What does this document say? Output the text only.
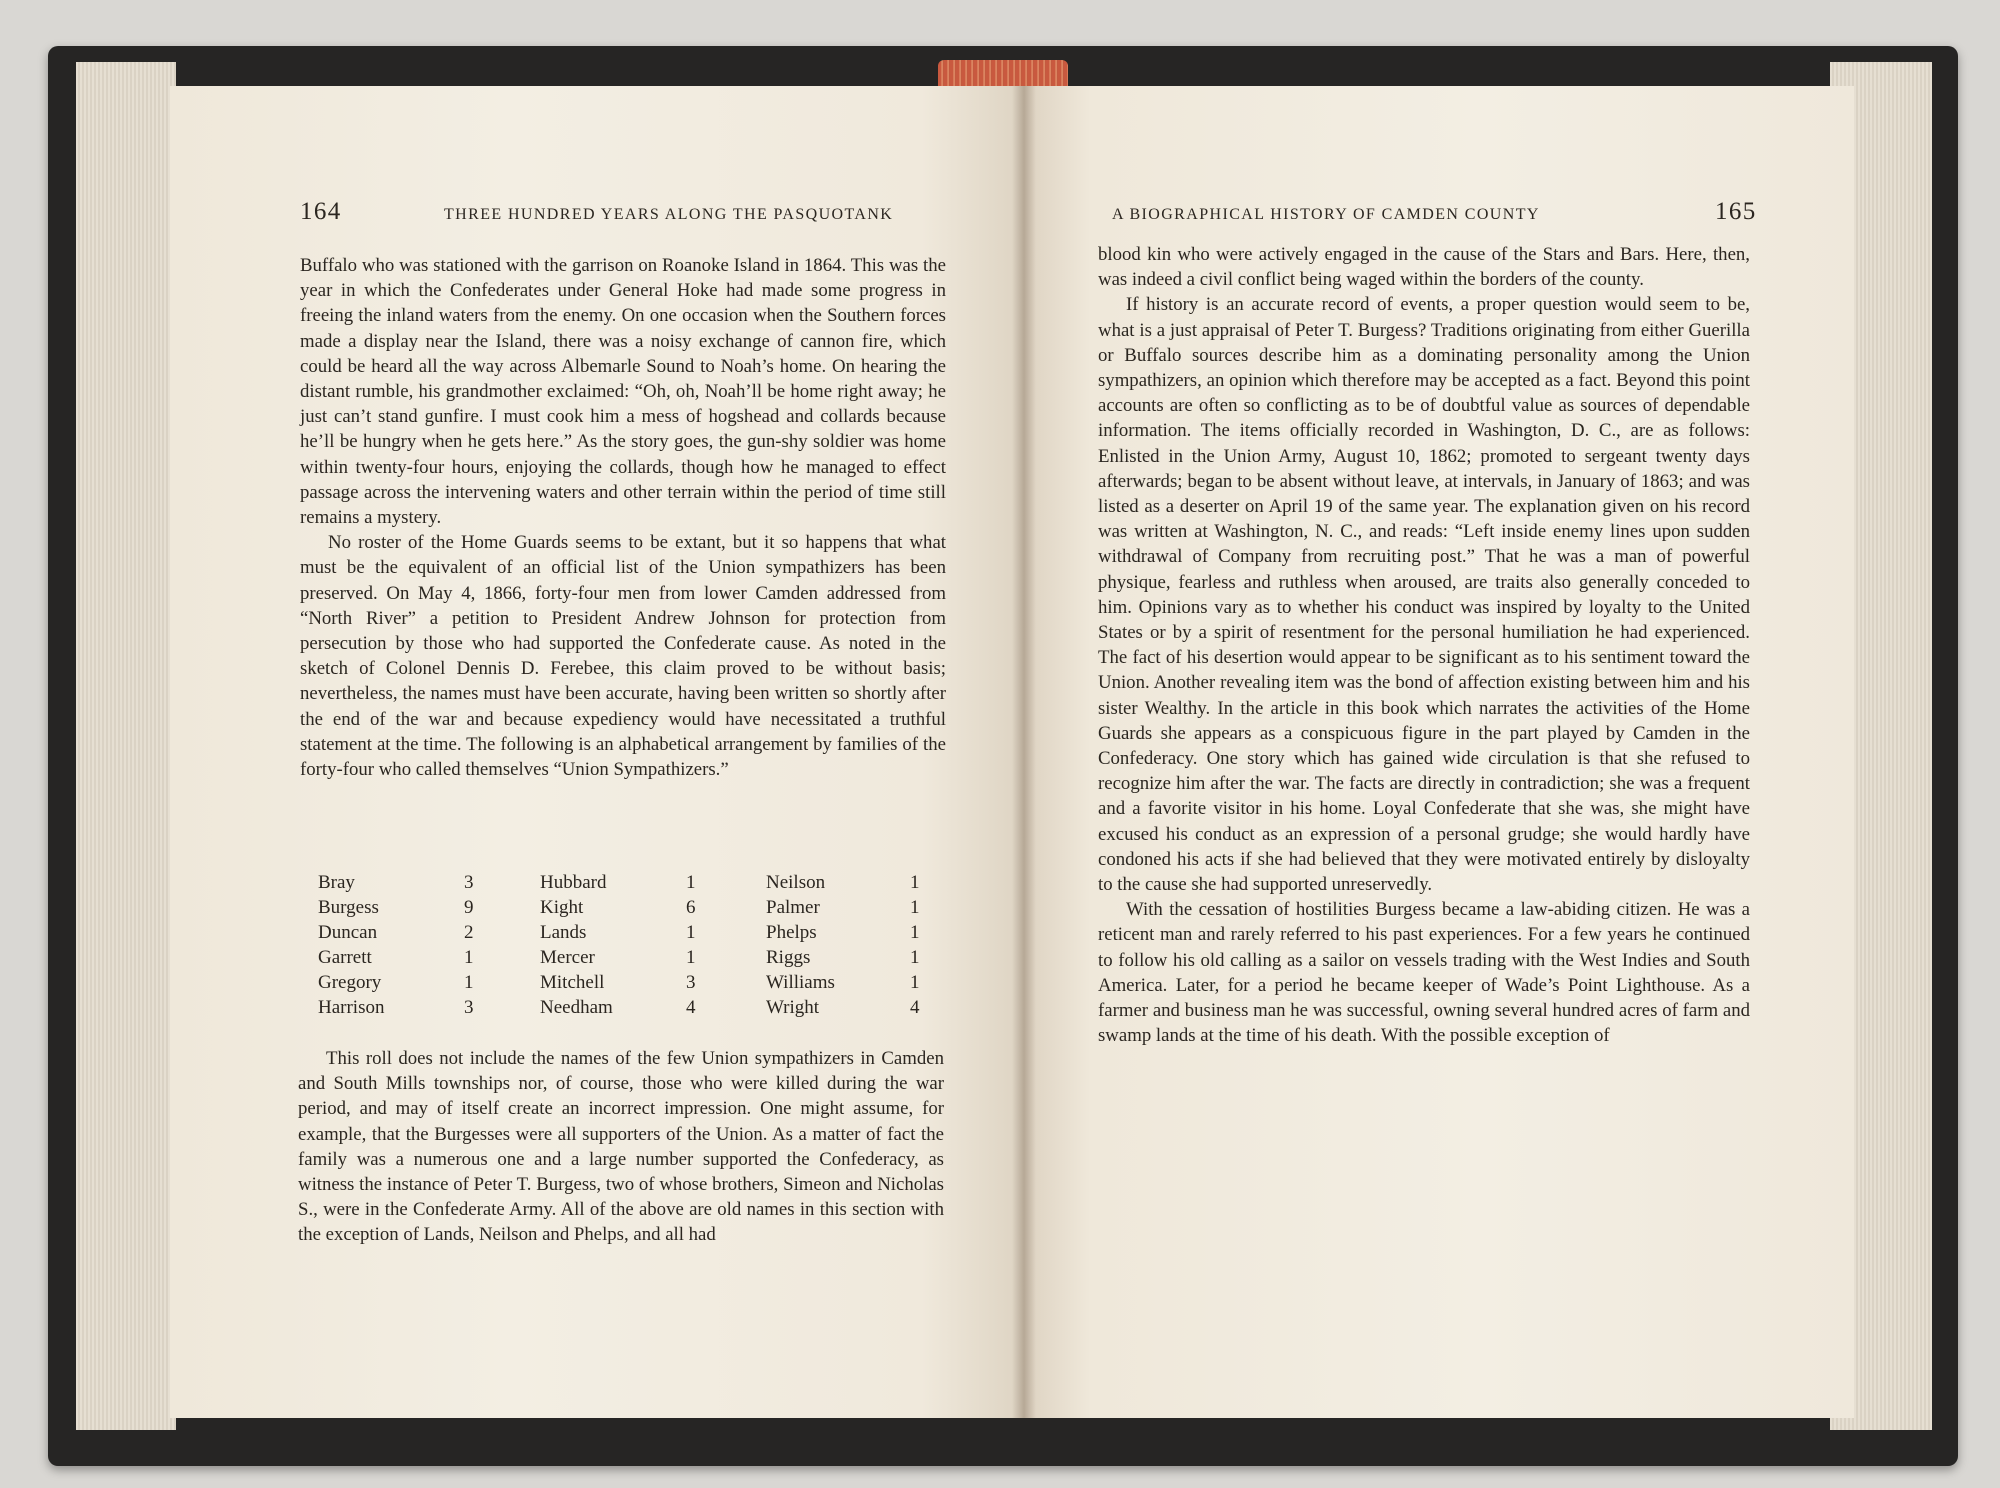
164	THREE HUNDRED YEARS ALONG THE PASQUOTANK	A BIOGRAPHICAL HISTORY OF CAMDEN COUNTY	165

Buffalo who was stationed with the garrison on Roanoke Island in 1864. This was the year in which the Confederates under General Hoke had made some progress in freeing the inland waters from the enemy. On one occasion when the Southern forces made a display near the Island, there was a noisy exchange of cannon fire, which could be heard all the way across Albemarle Sound to Noah’s home. On hearing the distant rumble, his grandmother exclaimed: “Oh, oh, Noah’ll be home right away; he just can’t stand gunfire. I must cook him a mess of hogshead and collards because he’ll be hungry when he gets here.” As the story goes, the gun-shy soldier was home within twenty-four hours, enjoying the collards, though how he managed to effect passage across the intervening waters and other terrain within the period of time still remains a mystery.

No roster of the Home Guards seems to be extant, but it so happens that what must be the equivalent of an official list of the Union sympathizers has been preserved. On May 4, 1866, forty-four men from lower Camden addressed from “North River” a petition to President Andrew Johnson for protection from persecution by those who had supported the Confederate cause. As noted in the sketch of Colonel Dennis D. Ferebee, this claim proved to be without basis; nevertheless, the names must have been accurate, having been written so shortly after the end of the war and because expediency would have necessitated a truthful statement at the time. The following is an alphabetical arrangement by families of the forty-four who called themselves “Union Sympathizers.”

Bray	3	Hubbard	1	Neilson	1
Burgess	9	Kight	6	Palmer	1
Duncan	2	Lands	1	Phelps	1
Garrett	1	Mercer	1	Riggs	1
Gregory	1	Mitchell	3	Williams	1
Harrison	3	Needham	4	Wright	4

This roll does not include the names of the few Union sympathizers in Camden and South Mills townships nor, of course, those who were killed during the war period, and may of itself create an incorrect impression. One might assume, for example, that the Burgesses were all supporters of the Union. As a matter of fact the family was a numerous one and a large number supported the Confederacy, as witness the instance of Peter T. Burgess, two of whose brothers, Simeon and Nicholas S., were in the Confederate Army. All of the above are old names in this section with the exception of Lands, Neilson and Phelps, and all had

blood kin who were actively engaged in the cause of the Stars and Bars. Here, then, was indeed a civil conflict being waged within the borders of the county.

If history is an accurate record of events, a proper question would seem to be, what is a just appraisal of Peter T. Burgess? Traditions originating from either Guerilla or Buffalo sources describe him as a dominating personality among the Union sympathizers, an opinion which therefore may be accepted as a fact. Beyond this point accounts are often so conflicting as to be of doubtful value as sources of dependable information. The items officially recorded in Washington, D. C., are as follows: Enlisted in the Union Army, August 10, 1862; promoted to sergeant twenty days afterwards; began to be absent without leave, at intervals, in January of 1863; and was listed as a deserter on April 19 of the same year. The explanation given on his record was written at Washington, N. C., and reads: “Left inside enemy lines upon sudden withdrawal of Company from recruiting post.” That he was a man of powerful physique, fearless and ruthless when aroused, are traits also generally conceded to him. Opinions vary as to whether his conduct was inspired by loyalty to the United States or by a spirit of resentment for the personal humiliation he had experienced. The fact of his desertion would appear to be significant as to his sentiment toward the Union. Another revealing item was the bond of affection existing between him and his sister Wealthy. In the article in this book which narrates the activities of the Home Guards she appears as a conspicuous figure in the part played by Camden in the Confederacy. One story which has gained wide circulation is that she refused to recognize him after the war. The facts are directly in contradiction; she was a frequent and a favorite visitor in his home. Loyal Confederate that she was, she might have excused his conduct as an expression of a personal grudge; she would hardly have condoned his acts if she had believed that they were motivated entirely by disloyalty to the cause she had supported unreservedly.

With the cessation of hostilities Burgess became a law-abiding citizen. He was a reticent man and rarely referred to his past experiences. For a few years he continued to follow his old calling as a sailor on vessels trading with the West Indies and South America. Later, for a period he became keeper of Wade’s Point Lighthouse. As a farmer and business man he was successful, owning several hundred acres of farm and swamp lands at the time of his death. With the possible exception of
